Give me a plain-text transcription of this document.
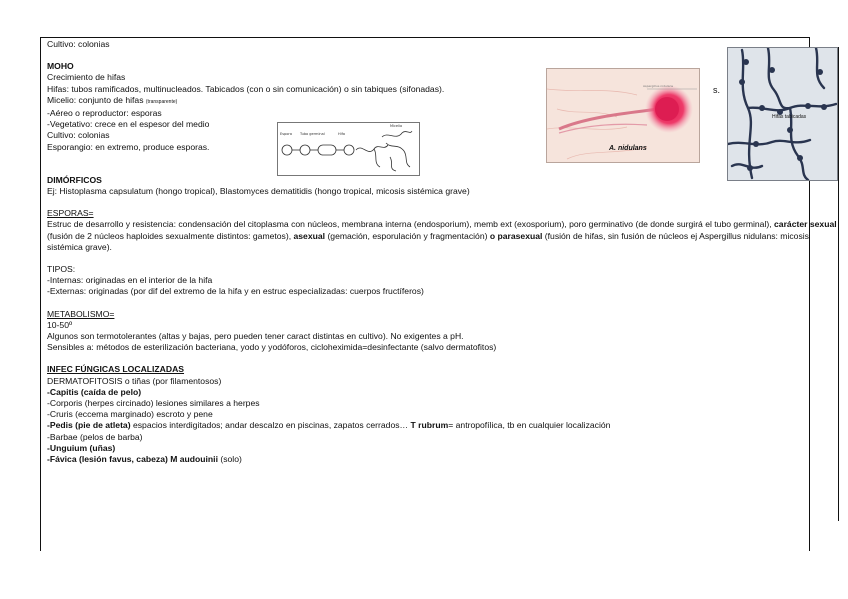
Cultivo: colonias
MOHO
Crecimiento de hifas
Hifas: tubos ramificados, multinucleados. Tabicados (con o sin comunicación) o sin tabiques (sifonadas).
Micelio: conjunto de hifas (transparente)
-Aéreo o reproductor: esporas
-Vegetativo: crece en el espesor del medio
Cultivo: colonias
Esporangio: en extremo, produce esporas.
DIMÓRFICOS
Ej: Histoplasma capsulatum (hongo tropical), Blastomyces dematitidis (hongo tropical, micosis sistémica grave)
ESPORAS=
Estruc de desarrollo y resistencia: condensación del citoplasma con núcleos, membrana interna (endosporium), memb ext (exosporium), poro germinativo (de donde surgirá el tubo germinal), carácter sexual (fusión de 2 núcleos haploides sexualmente distintos: gametos), asexual (gemación, esporulación y fragmentación) o parasexual (fusión de hifas, sin fusión de núcleos ej Aspergillus nidulans: micosis sistémica grave).
TIPOS:
-Internas: originadas en el interior de la hifa
-Externas: originadas (por dif del extremo de la hifa y en estruc especializadas: cuerpos fructíferos)
METABOLISMO=
10-50º
Algunos son termotolerantes (altas y bajas, pero pueden tener caract distintas en cultivo). No exigentes a pH.
Sensibles a: métodos de esterilización bacteriana, yodo y yodóforos, cicloheximida=desinfectante (salvo dermatofitos)
INFEC FÚNGICAS LOCALIZADAS
DERMATOFITOSIS o tiñas (por filamentosos)
-Capitis (caída de pelo)
-Corporis (herpes circinado) lesiones similares a herpes
-Cruris (eccema marginado) escroto y pene
-Pedis (pie de atleta) espacios interdigitados; andar descalzo en piscinas, zapatos cerrados… T rubrum= antropofílica, tb en cualquier localización
-Barbae (pelos de barba)
-Unguium (uñas)
-Fávica (lesión favus, cabeza) M audouinii (solo)
Espora Tubo germinal	Hifa
Micelio
Aspergillus nidulans
A. nidulans
s.
Hifas tabicadas
